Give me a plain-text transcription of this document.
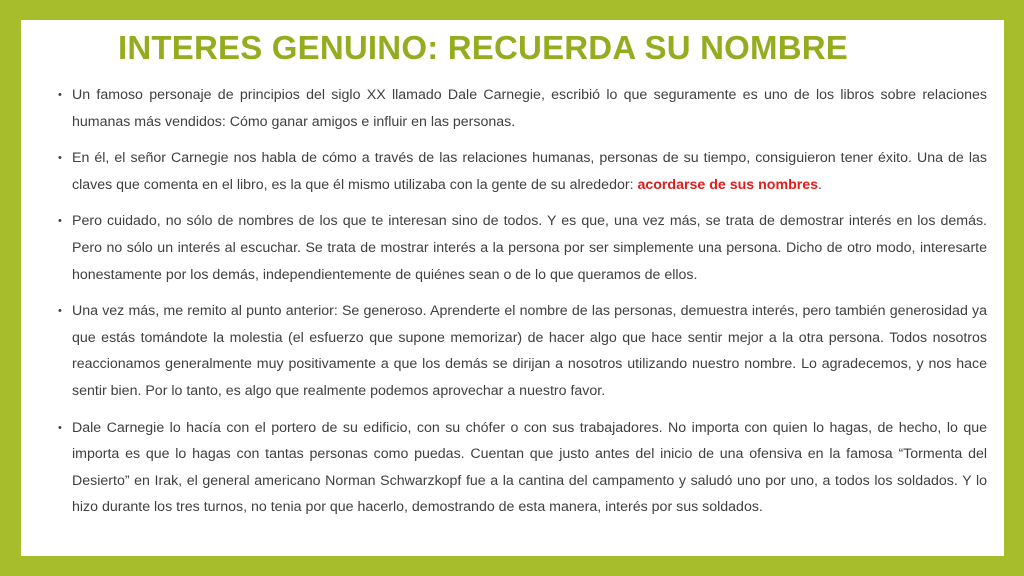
INTERES GENUINO: RECUERDA SU NOMBRE
• Un famoso personaje de principios del siglo XX llamado Dale Carnegie, escribió lo que seguramente es uno de los libros sobre relaciones humanas más vendidos: Cómo ganar amigos e influir en las personas.
• En él, el señor Carnegie nos habla de cómo a través de las relaciones humanas, personas de su tiempo, consiguieron tener éxito. Una de las claves que comenta en el libro, es la que él mismo utilizaba con la gente de su alrededor: acordarse de sus nombres.
• Pero cuidado, no sólo de nombres de los que te interesan sino de todos. Y es que, una vez más, se trata de demostrar interés en los demás. Pero no sólo un interés al escuchar. Se trata de mostrar interés a la persona por ser simplemente una persona. Dicho de otro modo, interesarte honestamente por los demás, independientemente de quiénes sean o de lo que queramos de ellos.
• Una vez más, me remito al punto anterior: Se generoso. Aprenderte el nombre de las personas, demuestra interés, pero también generosidad ya que estás tomándote la molestia (el esfuerzo que supone memorizar) de hacer algo que hace sentir mejor a la otra persona. Todos nosotros reaccionamos generalmente muy positivamente a que los demás se dirijan a nosotros utilizando nuestro nombre. Lo agradecemos, y nos hace sentir bien. Por lo tanto, es algo que realmente podemos aprovechar a nuestro favor.
• Dale Carnegie lo hacía con el portero de su edificio, con su chófer o con sus trabajadores. No importa con quien lo hagas, de hecho, lo que importa es que lo hagas con tantas personas como puedas. Cuentan que justo antes del inicio de una ofensiva en la famosa “Tormenta del Desierto” en Irak, el general americano Norman Schwarzkopf fue a la cantina del campamento y saludó uno por uno, a todos los soldados. Y lo hizo durante los tres turnos, no tenia por que hacerlo, demostrando de esta manera, interés por sus soldados.
